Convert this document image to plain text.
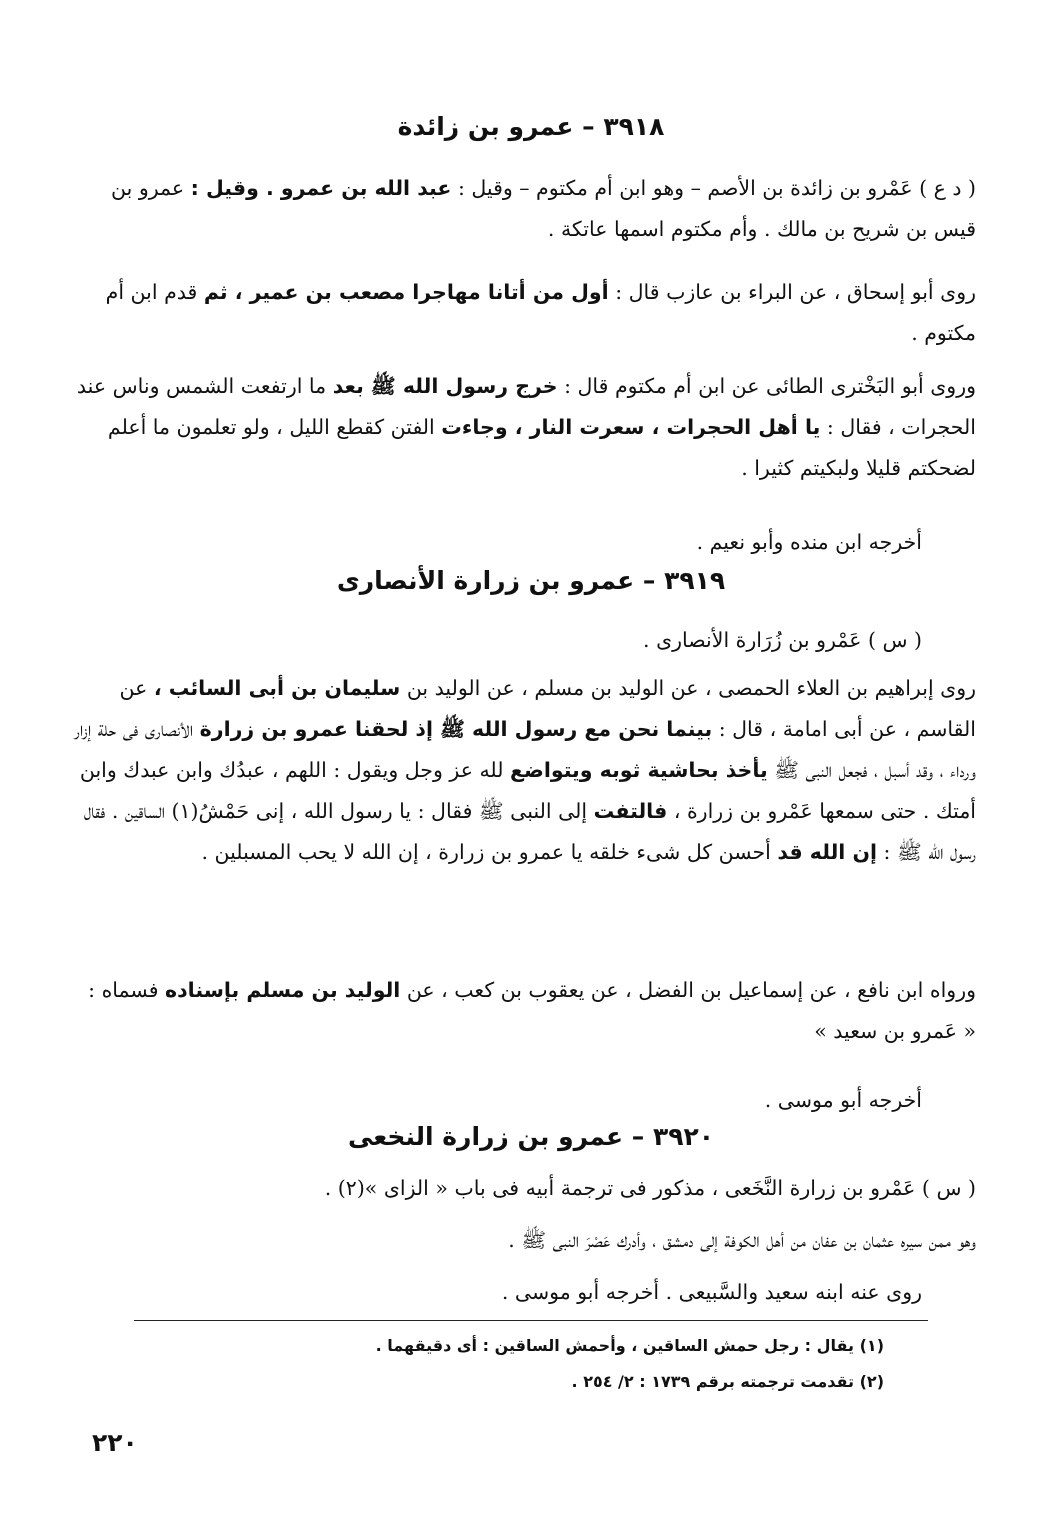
٣٩١٨ – عمرو بن زائدة

( د ع ) عَمْرو بن زائدة بن الأصم – وهو ابن أم مكتوم – وقيل : عبد الله بن عمرو . وقيل : عمرو بن قيس بن شريح بن مالك . وأم مكتوم اسمها عاتكة .

روى أبو إسحاق ، عن البراء بن عازب قال : أول من أتانا مهاجرا مصعب بن عمير ، ثم قدم ابن أم مكتوم .

وروى أبو البَخْترى الطائى عن ابن أم مكتوم قال : خرج رسول الله ﷺ بعد ما ارتفعت الشمس وناس عند الحجرات ، فقال : يا أهل الحجرات ، سعرت النار ، وجاءت الفتن كقطع الليل ، ولو تعلمون ما أعلم لضحكتم قليلا ولبكيتم كثيرا .

أخرجه ابن منده وأبو نعيم .

٣٩١٩ – عمرو بن زرارة الأنصارى

( س ) عَمْرو بن زُرَارة الأنصارى .

روى إبراهيم بن العلاء الحمصى ، عن الوليد بن مسلم ، عن الوليد بن سليمان بن أبى السائب ، عن القاسم ، عن أبى امامة ، قال : بينما نحن مع رسول الله ﷺ إذ لحقنا عمرو بن زرارة الأنصارى فى حلة إزار ورداء ، وقد أسبل ، فجعل النبى ﷺ يأخذ بحاشية ثوبه ويتواضع لله عز وجل ويقول : اللهم ، عبدُك وابن عبدك وابن أمتك . حتى سمعها عَمْرو بن زرارة ، فالتفت إلى النبى ﷺ فقال : يا رسول الله ، إنى حَمْشُ(١) الساقين . فقال رسول الله ﷺ : إن الله قد أحسن كل شىء خلقه يا عمرو بن زرارة ، إن الله لا يحب المسبلين .

ورواه ابن نافع ، عن إسماعيل بن الفضل ، عن يعقوب بن كعب ، عن الوليد بن مسلم بإسناده فسماه : « عَمرو بن سعيد »

أخرجه أبو موسى .

٣٩٢٠ – عمرو بن زرارة النخعى

( س ) عَمْرو بن زرارة النَّخَعى ، مذكور فى ترجمة أبيه فى باب « الزاى »(٢) .

وهو ممن سيره عثمان بن عفان من أهل الكوفة إلى دمشق ، وأدرك عَصْرَ النبى ﷺ .

روى عنه ابنه سعيد والسَّبيعى . أخرجه أبو موسى .

(١) يقال : رجل حمش الساقين ، وأحمش الساقين : أى دقيقهما .
(٢) تقدمت ترجمته برقم ١٧٣٩ : ٢/ ٢٥٤ .
٢٢٠
